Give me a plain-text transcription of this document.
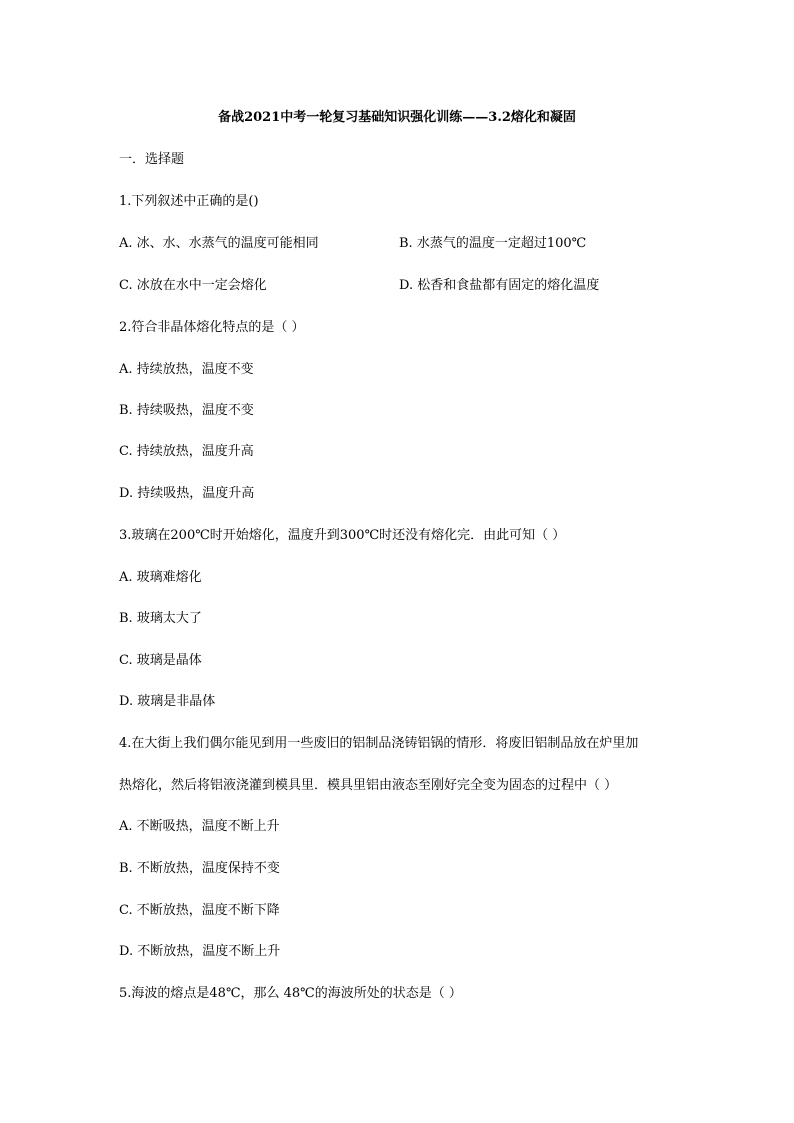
备战2021中考一轮复习基础知识强化训练——3.2熔化和凝固
一．选择题
1.下列叙述中正确的是()
A. 冰、水、水蒸气的温度可能相同	B. 水蒸气的温度一定超过100℃
C. 冰放在水中一定会熔化	D. 松香和食盐都有固定的熔化温度
2.符合非晶体熔化特点的是（ ）
A. 持续放热，温度不变
B. 持续吸热，温度不变
C. 持续放热，温度升高
D. 持续吸热，温度升高
3.玻璃在200℃时开始熔化，温度升到300℃时还没有熔化完．由此可知（ ）
A. 玻璃难熔化
B. 玻璃太大了
C. 玻璃是晶体
D. 玻璃是非晶体
4.在大街上我们偶尔能见到用一些废旧的铝制品浇铸铝锅的情形．将废旧铝制品放在炉里加
热熔化，然后将铝液浇灌到模具里．模具里铝由液态至刚好完全变为固态的过程中（ ）
A. 不断吸热，温度不断上升
B. 不断放热，温度保持不变
C. 不断放热，温度不断下降
D. 不断放热，温度不断上升
5.海波的熔点是48℃，那么 48℃的海波所处的状态是（ ）
